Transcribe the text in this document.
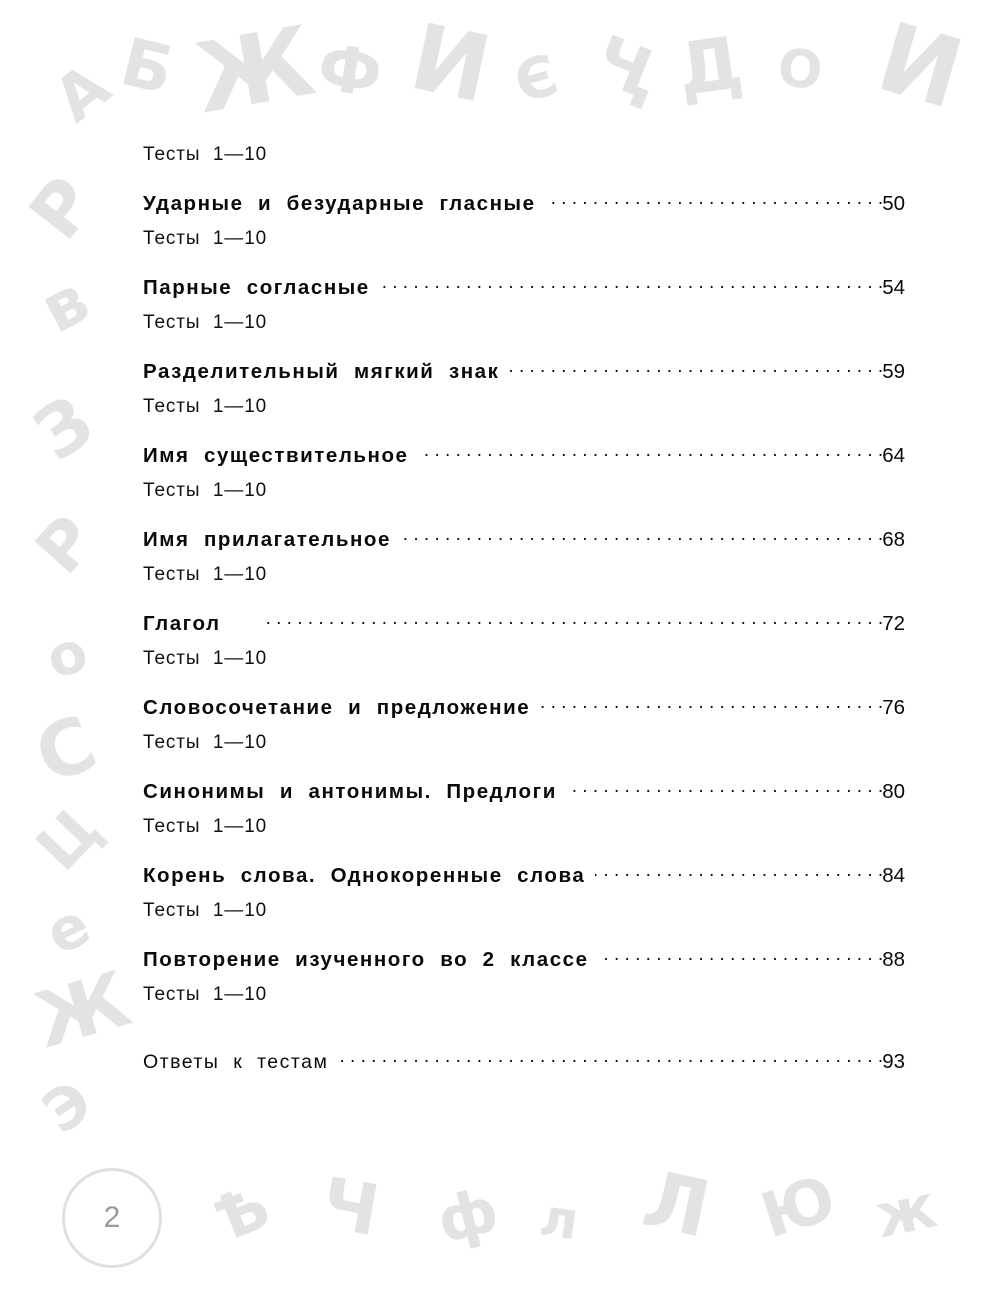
А
Б Ж
Ф И Є Ҷ Д О И
Р
в
З
Р
о
С
Ц
е
Ж
Э
Ѣ Ч ф л Л Ю ж
Тесты  1—10
Ударные  и  безударные  гласные . . .	50
Тесты  1—10
Парные  согласные . . .	54
Тесты  1—10
Разделительный  мягкий  знак . . .	59
Тесты  1—10
Имя  существительное . . .	64
Тесты  1—10
Имя  прилагательное . . .	68
Тесты  1—10
Глагол . . .	72
Тесты  1—10
Словосочетание  и  предложение . . .	76
Тесты  1—10
Синонимы  и  антонимы.  Предлоги . . .	80
Тесты  1—10
Корень  слова.  Однокоренные  слова . . .	84
Тесты  1—10
Повторение  изученного  во  2  классе . . .	88
Тесты  1—10
Ответы  к  тестам . . .	93
2
